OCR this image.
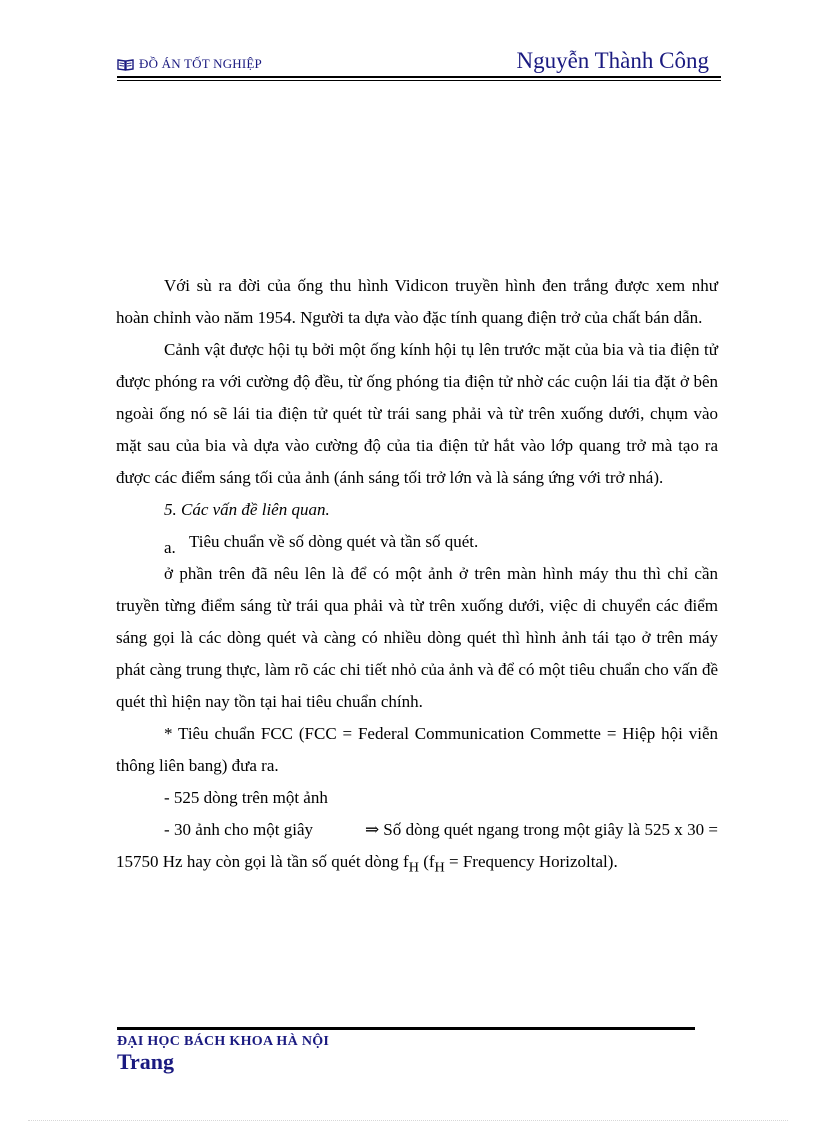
ĐỒ ÁN TỐT NGHIỆP	Nguyễn Thành Công

Với sù ra đời của ống thu hình Vidicon truyền hình đen trắng được xem như hoàn chỉnh vào năm 1954. Người ta dựa vào đặc tính quang điện trở của chất bán dẫn.

Cảnh vật được hội tụ bởi một ống kính hội tụ lên trước mặt của bia và tia điện tử được phóng ra với cường độ đều, từ ống phóng tia điện tử nhờ các cuộn lái tia đặt ở bên ngoài ống nó sẽ lái tia điện tử quét từ trái sang phải và từ trên xuống dưới, chụm vào mặt sau của bia và dựa vào cường độ của tia điện tử hắt vào lớp quang trở mà tạo ra được các điểm sáng tối của ảnh (ánh sáng tối trở lớn và là sáng ứng với trở nhá).

5. Các vấn đề liên quan.

a. Tiêu chuẩn về số dòng quét và tần số quét.

ở phần trên đã nêu lên là để có một ảnh ở trên màn hình máy thu thì chỉ cần truyền từng điểm sáng từ trái qua phải và từ trên xuống dưới, việc di chuyển các điểm sáng gọi là các dòng quét và càng có nhiều dòng quét thì hình ảnh tái tạo ở trên máy phát càng trung thực, làm rõ các chi tiết nhỏ của ảnh và để có một tiêu chuẩn cho vấn đề quét thì hiện nay tồn tại hai tiêu chuẩn chính.

* Tiêu chuẩn FCC (FCC = Federal Communication Commette = Hiệp hội viễn thông liên bang) đưa ra.

- 525 dòng trên một ảnh

- 30 ảnh cho một giây	⇒ Số dòng quét ngang trong một giây là 525 x 30 = 15750 Hz hay còn gọi là tần số quét dòng $f_H$ ($f_H$ = Frequency Horizoltal).

ĐẠI HỌC BÁCH KHOA HÀ NỘI
Trang
